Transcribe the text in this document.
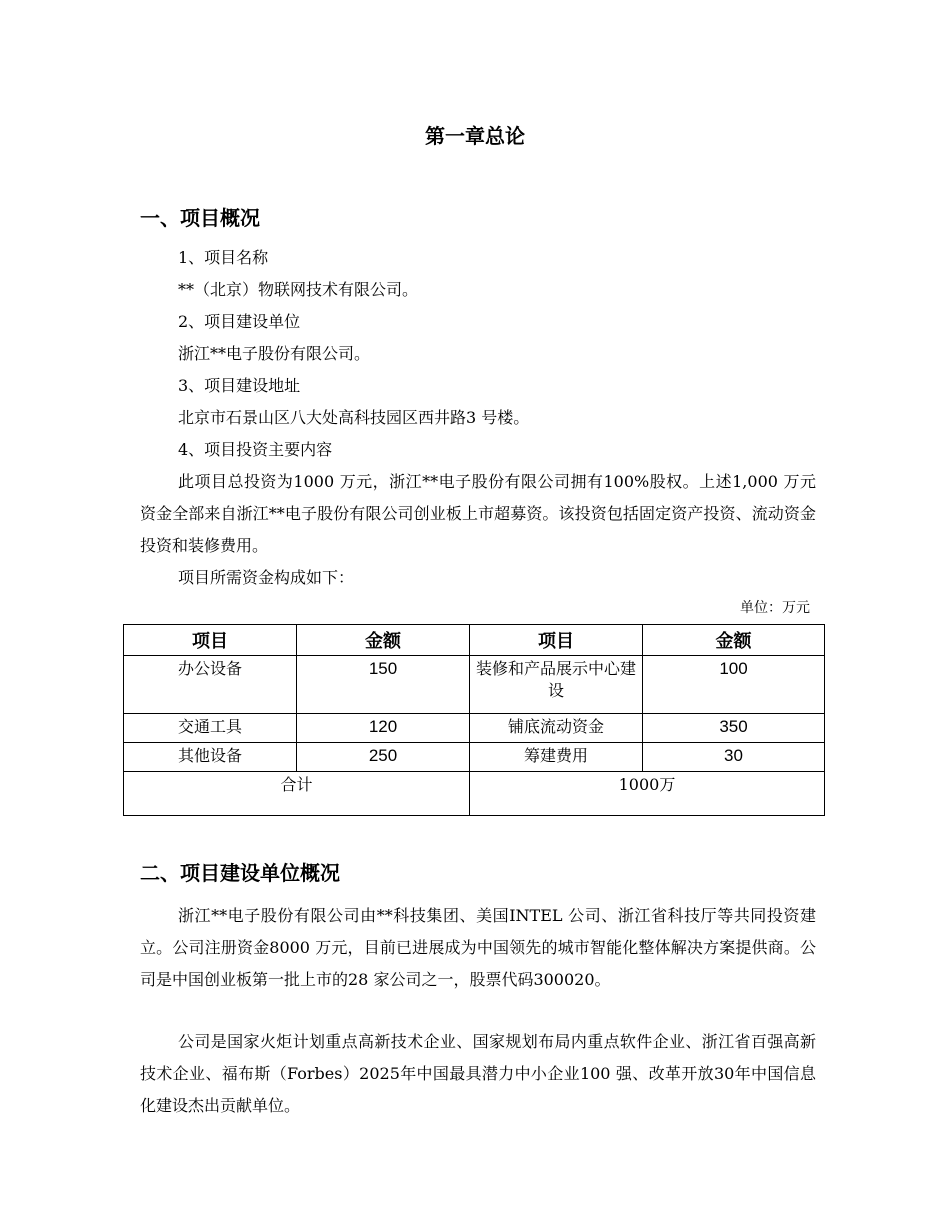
第一章总论
一、项目概况
1、项目名称
**（北京）物联网技术有限公司。
2、项目建设单位
浙江**电子股份有限公司。
3、项目建设地址
北京市石景山区八大处高科技园区西井路3 号楼。
4、项目投资主要内容
此项目总投资为1000 万元，浙江**电子股份有限公司拥有100%股权。上述1,000 万元资金全部来自浙江**电子股份有限公司创业板上市超募资。该投资包括固定资产投资、流动资金投资和装修费用。
项目所需资金构成如下：
单位：万元
项目	金额	项目	金额
办公设备	150	装修和产品展示中心建设	100
交通工具	120	铺底流动资金	350
其他设备	250	筹建费用	30
合计		1000万	
二、项目建设单位概况
浙江**电子股份有限公司由**科技集团、美国INTEL 公司、浙江省科技厅等共同投资建立。公司注册资金8000 万元，目前已进展成为中国领先的城市智能化整体解决方案提供商。公司是中国创业板第一批上市的28 家公司之一，股票代码300020。
公司是国家火炬计划重点高新技术企业、国家规划布局内重点软件企业、浙江省百强高新技术企业、福布斯（Forbes）2025年中国最具潜力中小企业100 强、改革开放30年中国信息化建设杰出贡献单位。
